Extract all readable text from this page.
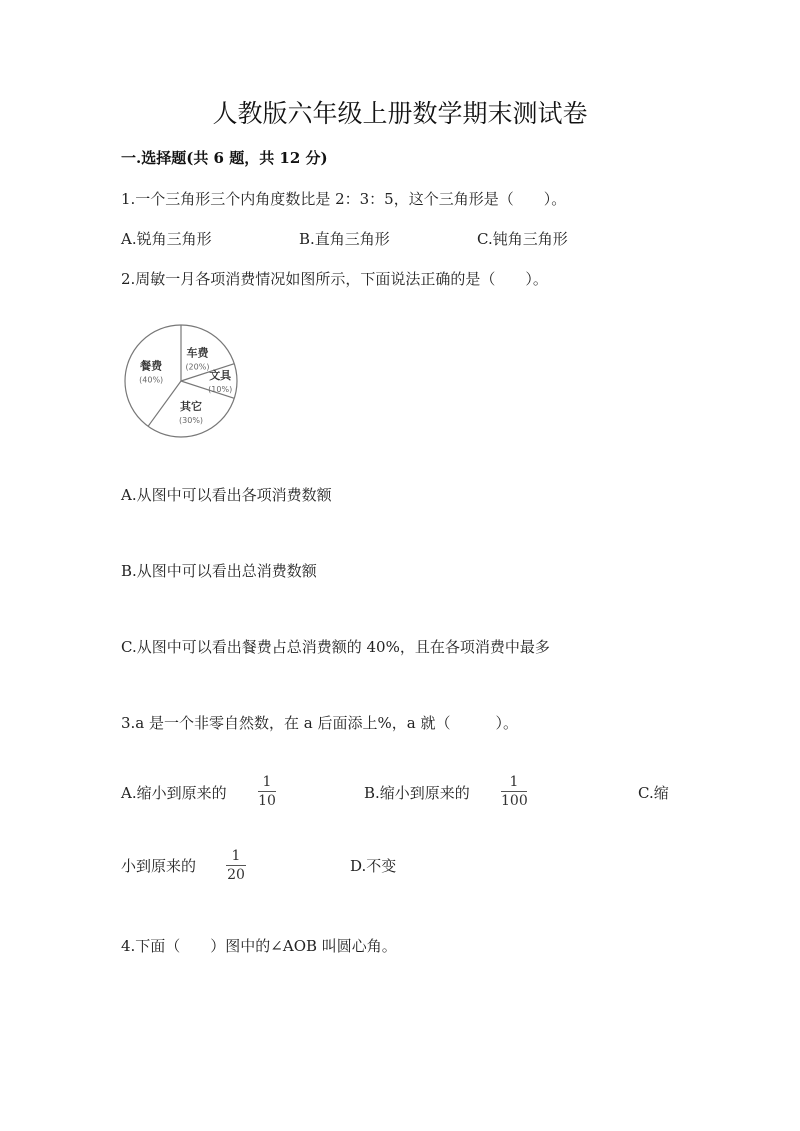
人教版六年级上册数学期末测试卷
一.选择题(共 6 题，共 12 分)
1.一个三角形三个内角度数比是 2：3：5，这个三角形是（　　）。
A.锐角三角形	B.直角三角形	C.钝角三角形
2.周敏一月各项消费情况如图所示，下面说法正确的是（　　）。
车费
(20%)
文具
(10%)
其它
(30%)
餐费
(40%)
A.从图中可以看出各项消费数额
B.从图中可以看出总消费数额
C.从图中可以看出餐费占总消费额的 40%，且在各项消费中最多
3.a 是一个非零自然数，在 a 后面添上%，a 就（　　　）。
A.缩小到原来的
1
10	B.缩小到原来的
1
100	C.缩
小到原来的
1
20	D.不变
4.下面（　　）图中的∠AOB 叫圆心角。
